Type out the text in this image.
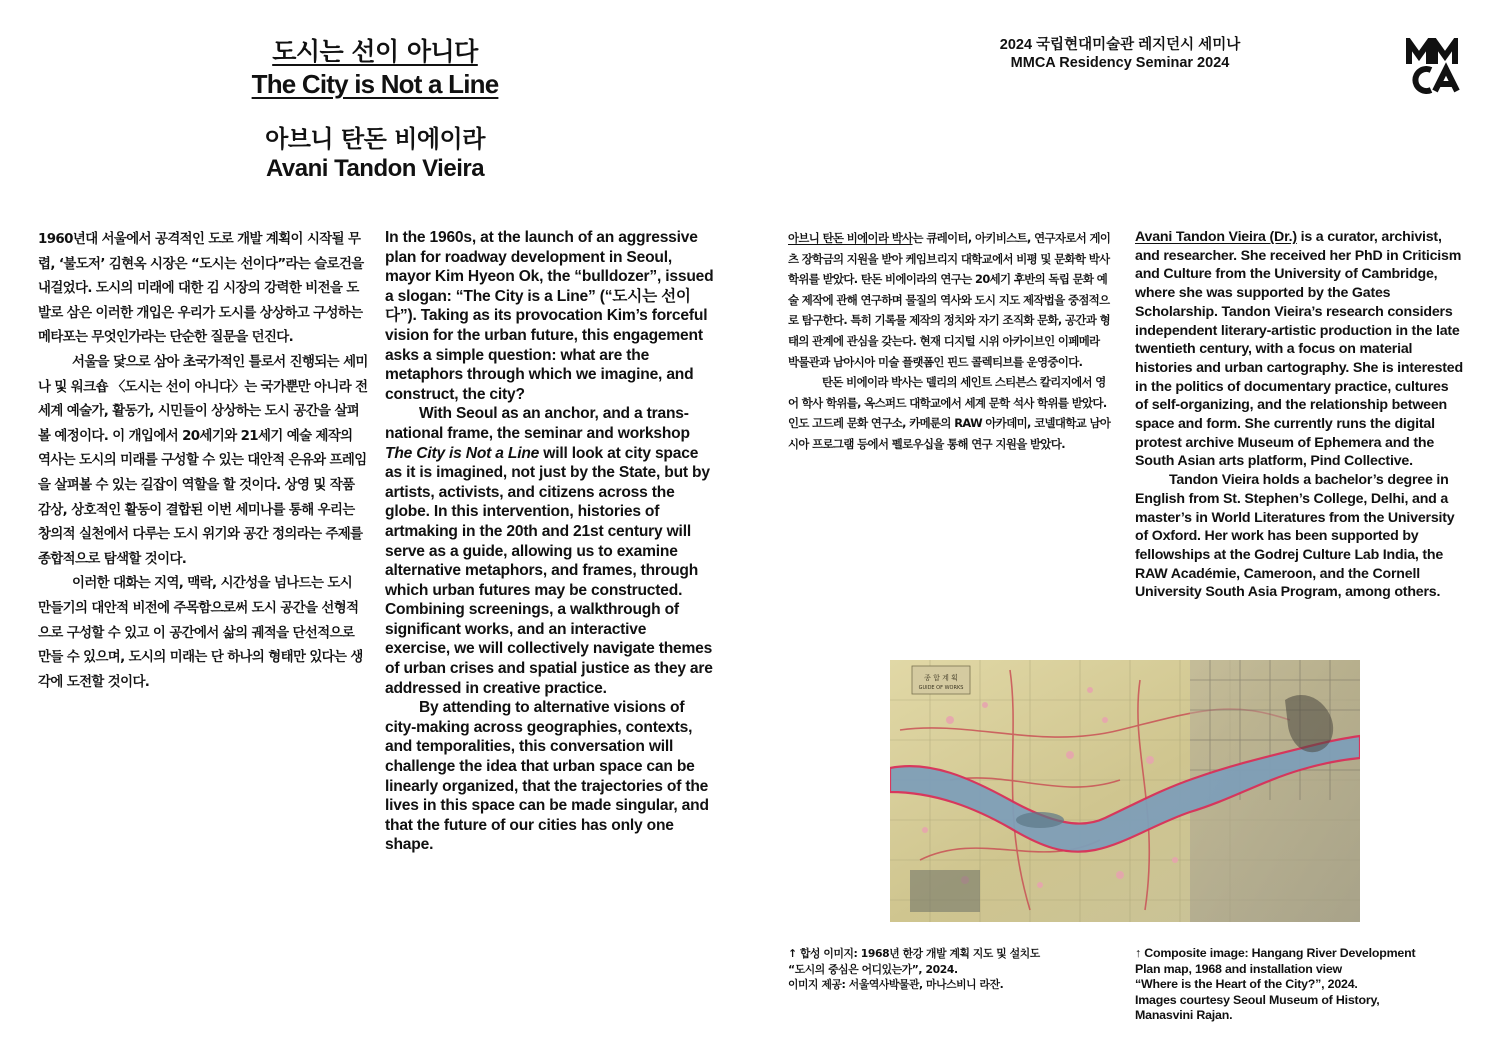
도시는 선이 아니다
The City is Not a Line
아브니 탄돈 비에이라
Avani Tandon Vieira
2024 국립현대미술관 레지던시 세미나
MMCA Residency Seminar 2024

1960년대 서울에서 공격적인 도로 개발 계획이 시작될 무렵, ‘불도저’ 김현옥 시장은 “도시는 선이다”라는 슬로건을 내걸었다. 도시의 미래에 대한 김 시장의 강력한 비전을 도발로 삼은 이러한 개입은 우리가 도시를 상상하고 구성하는 메타포는 무엇인가라는 단순한 질문을 던진다.

서울을 닻으로 삼아 초국가적인 틀로서 진행되는 세미나 및 워크숍 〈도시는 선이 아니다〉는 국가뿐만 아니라 전 세계 예술가, 활동가, 시민들이 상상하는 도시 공간을 살펴볼 예정이다. 이 개입에서 20세기와 21세기 예술 제작의 역사는 도시의 미래를 구성할 수 있는 대안적 은유와 프레임을 살펴볼 수 있는 길잡이 역할을 할 것이다. 상영 및 작품 감상, 상호적인 활동이 결합된 이번 세미나를 통해 우리는 창의적 실천에서 다루는 도시 위기와 공간 정의라는 주제를 종합적으로 탐색할 것이다.

이러한 대화는 지역, 맥락, 시간성을 넘나드는 도시 만들기의 대안적 비전에 주목함으로써 도시 공간을 선형적으로 구성할 수 있고 이 공간에서 삶의 궤적을 단선적으로 만들 수 있으며, 도시의 미래는 단 하나의 형태만 있다는 생각에 도전할 것이다.

In the 1960s, at the launch of an aggressive plan for roadway development in Seoul, mayor Kim Hyeon Ok, the “bulldozer”, issued a slogan: “The City is a Line” (“도시는 선이다”). Taking as its provocation Kim’s forceful vision for the urban future, this engagement asks a simple question: what are the metaphors through which we imagine, and construct, the city?

With Seoul as an anchor, and a trans-national frame, the seminar and workshop The City is Not a Line will look at city space as it is imagined, not just by the State, but by artists, activists, and citizens across the globe. In this intervention, histories of artmaking in the 20th and 21st century will serve as a guide, allowing us to examine alternative metaphors, and frames, through which urban futures may be constructed. Combining screenings, a walkthrough of significant works, and an interactive exercise, we will collectively navigate themes of urban crises and spatial justice as they are addressed in creative practice.

By attending to alternative visions of city-making across geographies, contexts, and temporalities, this conversation will challenge the idea that urban space can be linearly organized, that the trajectories of the lives in this space can be made singular, and that the future of our cities has only one shape.

아브니 탄돈 비에이라 박사는 큐레이터, 아키비스트, 연구자로서 게이츠 장학금의 지원을 받아 케임브리지 대학교에서 비평 및 문화학 박사 학위를 받았다. 탄돈 비에이라의 연구는 20세기 후반의 독립 문화 예술 제작에 관해 연구하며 물질의 역사와 도시 지도 제작법을 중점적으로 탐구한다. 특히 기록물 제작의 정치와 자기 조직화 문화, 공간과 형태의 관계에 관심을 갖는다. 현재 디지털 시위 아카이브인 이페메라 박물관과 남아시아 미술 플랫폼인 핀드 콜렉티브를 운영중이다.

탄돈 비에이라 박사는 델리의 세인트 스티븐스 칼리지에서 영어 학사 학위를, 옥스퍼드 대학교에서 세계 문학 석사 학위를 받았다. 인도 고드레 문화 연구소, 카메룬의 RAW 아카데미, 코넬대학교 남아시아 프로그램 등에서 펠로우십을 통해 연구 지원을 받았다.

Avani Tandon Vieira (Dr.) is a curator, archivist, and researcher. She received her PhD in Criticism and Culture from the University of Cambridge, where she was supported by the Gates Scholarship. Tandon Vieira’s research considers independent literary-artistic production in the late twentieth century, with a focus on material histories and urban cartography. She is interested in the politics of documentary practice, cultures of self-organizing, and the relationship between space and form. She currently runs the digital protest archive Museum of Ephemera and the South Asian arts platform, Pind Collective.

Tandon Vieira holds a bachelor’s degree in English from St. Stephen’s College, Delhi, and a master’s in World Literatures from the University of Oxford. Her work has been supported by fellowships at the Godrej Culture Lab India, the RAW Académie, Cameroon, and the Cornell University South Asia Program, among others.

종 합 계 획
GUIDE OF WORKS
↑ 합성 이미지: 1968년 한강 개발 계획 지도 및 설치도
“도시의 중심은 어디있는가”, 2024.
이미지 제공: 서울역사박물관, 마나스비니 라잔.
↑ Composite image: Hangang River Development
Plan map, 1968 and installation view
“Where is the Heart of the City?”, 2024.
Images courtesy Seoul Museum of History,
Manasvini Rajan.
